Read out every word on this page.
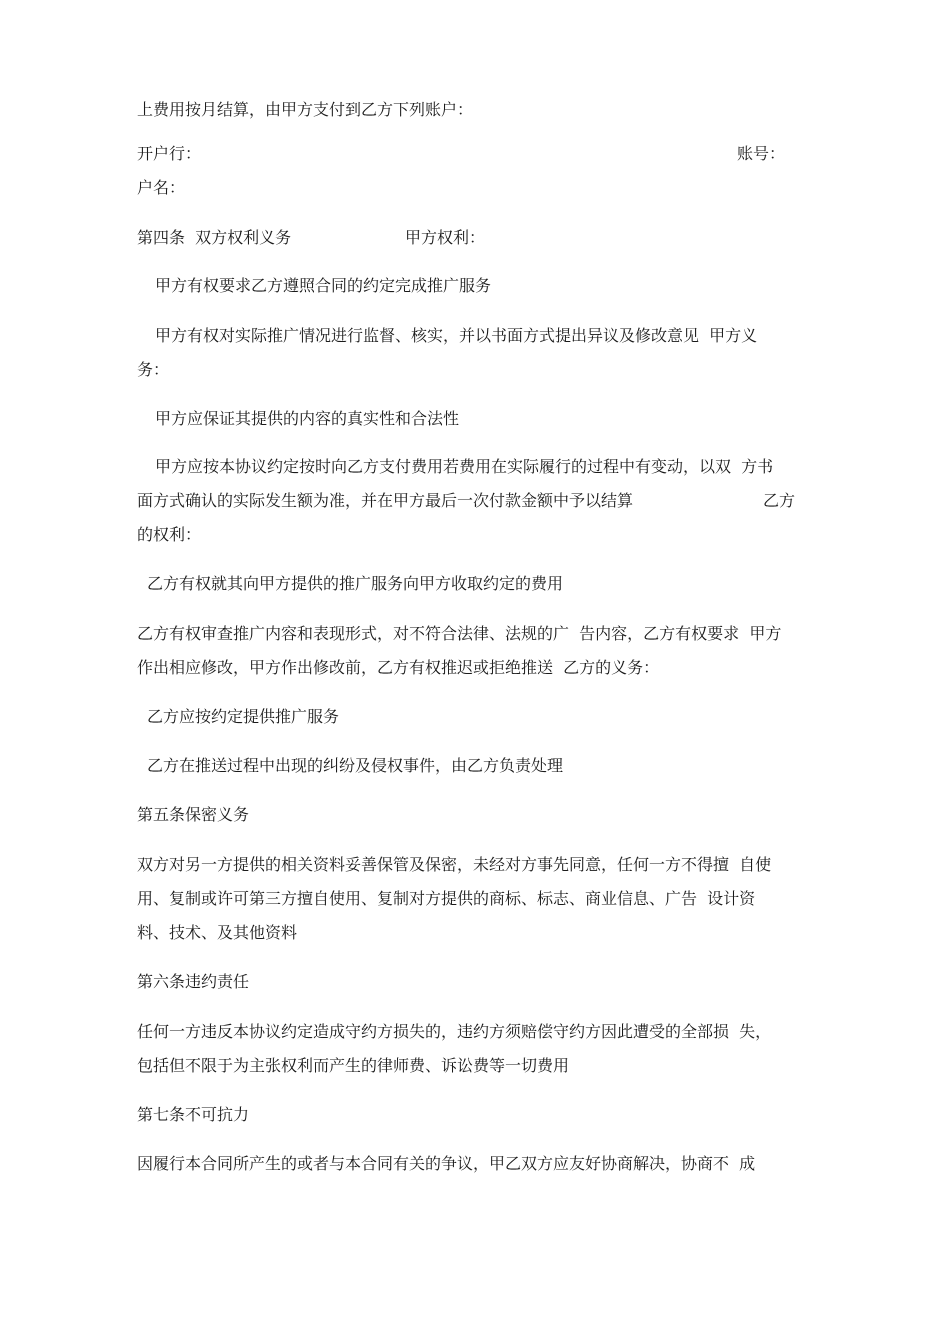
上费用按月结算，由甲方支付到乙方下列账户：
开户行：	账号：
户名：
第四条  双方权利义务	甲方权利：
甲方有权要求乙方遵照合同的约定完成推广服务
甲方有权对实际推广情况进行监督、核实，并以书面方式提出异议及修改意见  甲方义
务：
甲方应保证其提供的内容的真实性和合法性
甲方应按本协议约定按时向乙方支付费用若费用在实际履行的过程中有变动，以双  方书
面方式确认的实际发生额为准，并在甲方最后一次付款金额中予以结算	乙方
的权利：
乙方有权就其向甲方提供的推广服务向甲方收取约定的费用
乙方有权审查推广内容和表现形式，对不符合法律、法规的广  告内容，乙方有权要求  甲方
作出相应修改，甲方作出修改前，乙方有权推迟或拒绝推送  乙方的义务：
乙方应按约定提供推广服务
乙方在推送过程中出现的纠纷及侵权事件，由乙方负责处理
第五条保密义务
双方对另一方提供的相关资料妥善保管及保密，未经对方事先同意，任何一方不得擅  自使
用、复制或许可第三方擅自使用、复制对方提供的商标、标志、商业信息、广告  设计资
料、技术、及其他资料
第六条违约责任
任何一方违反本协议约定造成守约方损失的，违约方须赔偿守约方因此遭受的全部损  失，
包括但不限于为主张权利而产生的律师费、诉讼费等一切费用
第七条不可抗力
因履行本合同所产生的或者与本合同有关的争议，甲乙双方应友好协商解决，协商不  成
